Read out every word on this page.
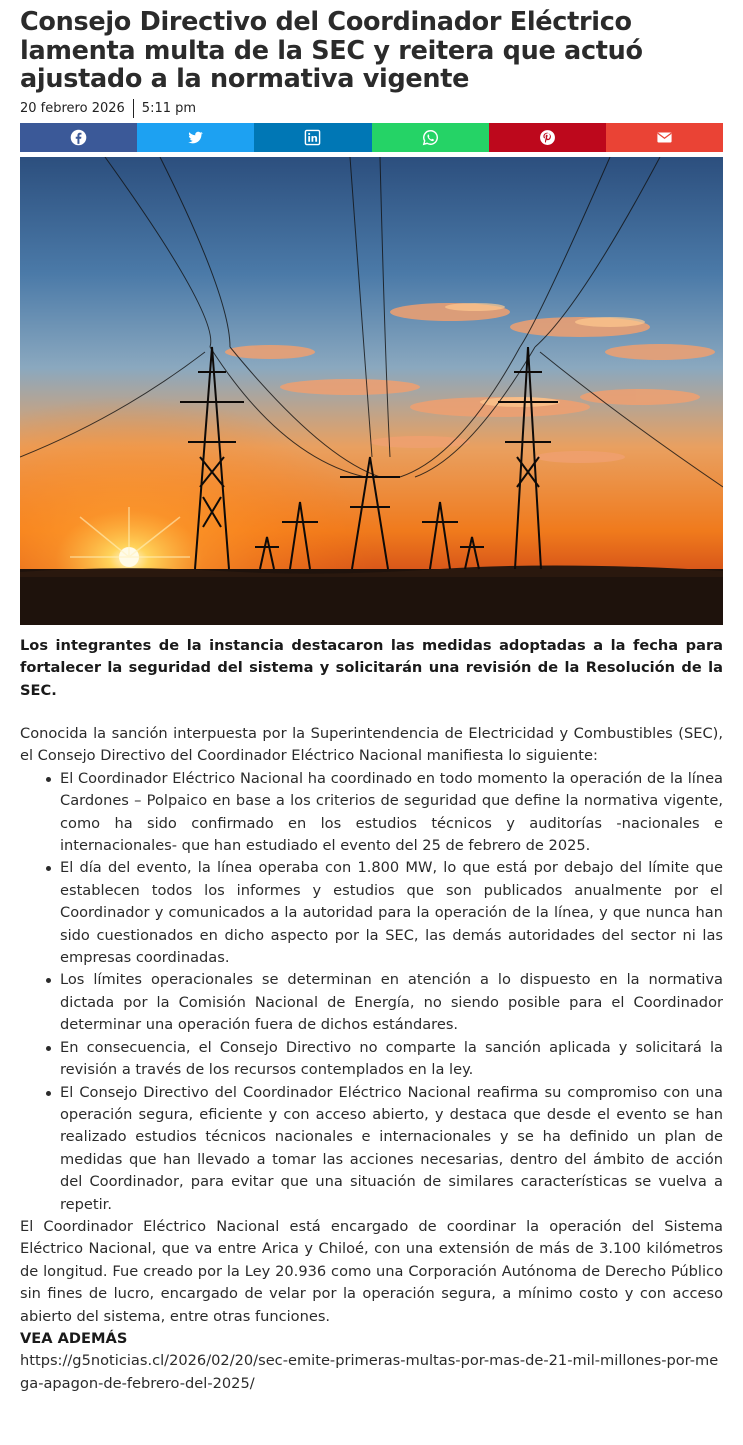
Consejo Directivo del Coordinador Eléctrico lamenta multa de la SEC y reitera que actuó ajustado a la normativa vigente
20 febrero 2026 5:11 pm

Los integrantes de la instancia destacaron las medidas adoptadas a la fecha para fortalecer la seguridad del sistema y solicitarán una revisión de la Resolución de la SEC.

Conocida la sanción interpuesta por la Superintendencia de Electricidad y Combustibles (SEC), el Consejo Directivo del Coordinador Eléctrico Nacional manifiesta lo siguiente:

El Coordinador Eléctrico Nacional ha coordinado en todo momento la operación de la línea Cardones – Polpaico en base a los criterios de seguridad que define la normativa vigente, como ha sido confirmado en los estudios técnicos y auditorías -nacionales e internacionales- que han estudiado el evento del 25 de febrero de 2025.
El día del evento, la línea operaba con 1.800 MW, lo que está por debajo del límite que establecen todos los informes y estudios que son publicados anualmente por el Coordinador y comunicados a la autoridad para la operación de la línea, y que nunca han sido cuestionados en dicho aspecto por la SEC, las demás autoridades del sector ni las empresas coordinadas.
Los límites operacionales se determinan en atención a lo dispuesto en la normativa dictada por la Comisión Nacional de Energía, no siendo posible para el Coordinador determinar una operación fuera de dichos estándares.
En consecuencia, el Consejo Directivo no comparte la sanción aplicada y solicitará la revisión a través de los recursos contemplados en la ley.
El Consejo Directivo del Coordinador Eléctrico Nacional reafirma su compromiso con una operación segura, eficiente y con acceso abierto, y destaca que desde el evento se han realizado estudios técnicos nacionales e internacionales y se ha definido un plan de medidas que han llevado a tomar las acciones necesarias, dentro del ámbito de acción del Coordinador, para evitar que una situación de similares características se vuelva a repetir.

El Coordinador Eléctrico Nacional está encargado de coordinar la operación del Sistema Eléctrico Nacional, que va entre Arica y Chiloé, con una extensión de más de 3.100 kilómetros de longitud. Fue creado por la Ley 20.936 como una Corporación Autónoma de Derecho Público sin fines de lucro, encargado de velar por la operación segura, a mínimo costo y con acceso abierto del sistema, entre otras funciones.

VEA ADEMÁS

https://g5noticias.cl/2026/02/20/sec-emite-primeras-multas-por-mas-de-21-mil-millones-por-mega-apagon-de-febrero-del-2025/
